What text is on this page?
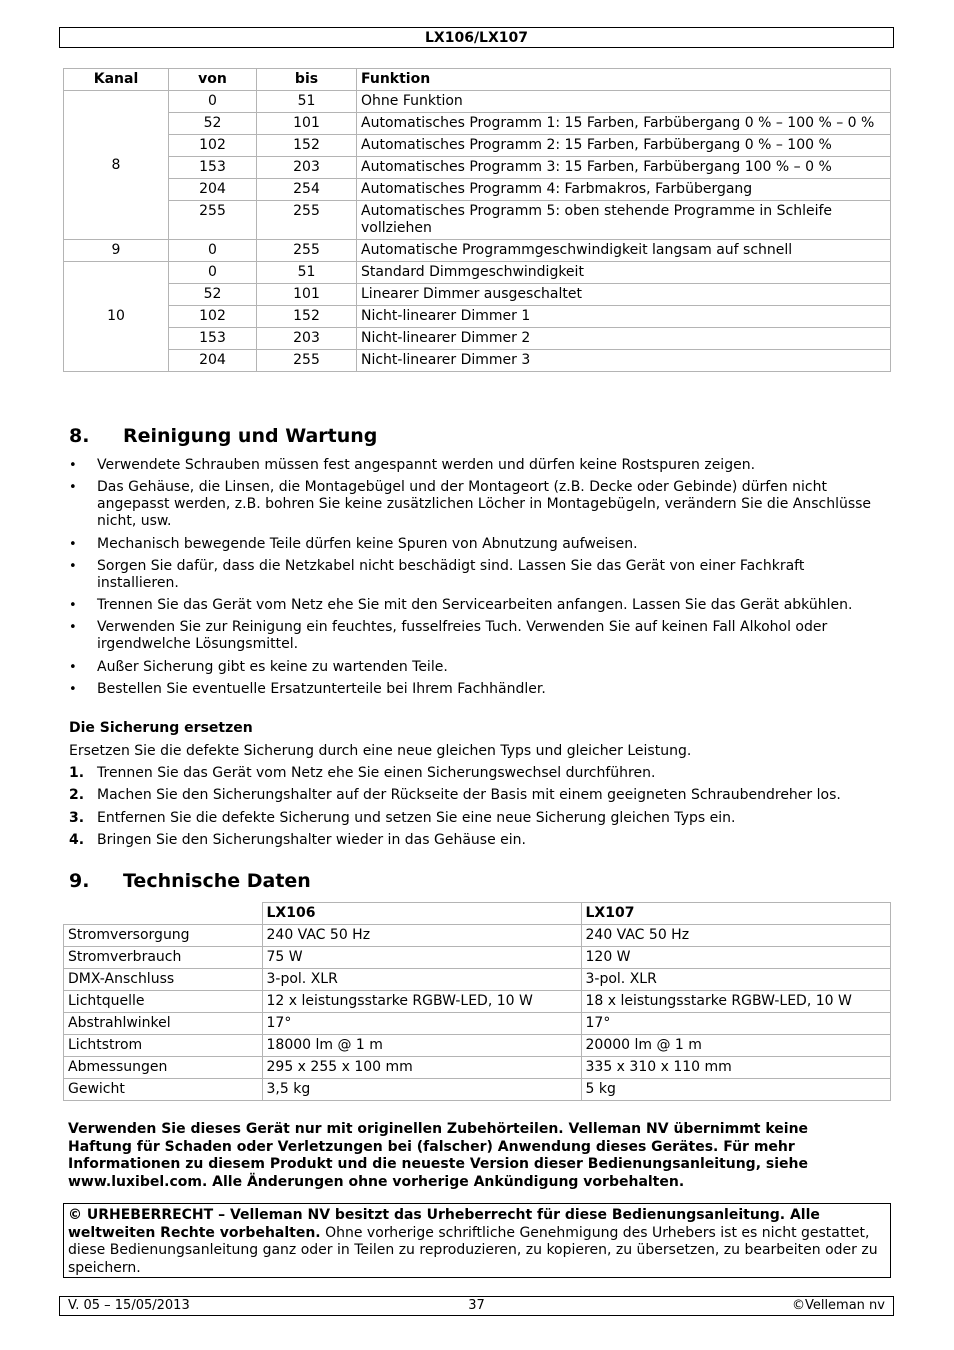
LX106/LX107
Kanal	von	bis	Funktion
8	0	51	Ohne Funktion
	52	101	Automatisches Programm 1: 15 Farben, Farbübergang 0 % – 100 % – 0 %
	102	152	Automatisches Programm 2: 15 Farben, Farbübergang 0 % – 100 %
	153	203	Automatisches Programm 3: 15 Farben, Farbübergang 100 % – 0 %
	204	254	Automatisches Programm 4: Farbmakros, Farbübergang
	255	255	Automatisches Programm 5: oben stehende Programme in Schleife vollziehen
9	0	255	Automatische Programmgeschwindigkeit langsam auf schnell
10	0	51	Standard Dimmgeschwindigkeit
	52	101	Linearer Dimmer ausgeschaltet
	102	152	Nicht-linearer Dimmer 1
	153	203	Nicht-linearer Dimmer 2
	204	255	Nicht-linearer Dimmer 3
8. Reinigung und Wartung
• Verwendete Schrauben müssen fest angespannt werden und dürfen keine Rostspuren zeigen.
• Das Gehäuse, die Linsen, die Montagebügel und der Montageort (z.B. Decke oder Gebinde) dürfen nicht angepasst werden, z.B. bohren Sie keine zusätzlichen Löcher in Montagebügeln, verändern Sie die Anschlüsse nicht, usw.
• Mechanisch bewegende Teile dürfen keine Spuren von Abnutzung aufweisen.
• Sorgen Sie dafür, dass die Netzkabel nicht beschädigt sind. Lassen Sie das Gerät von einer Fachkraft installieren.
• Trennen Sie das Gerät vom Netz ehe Sie mit den Servicearbeiten anfangen. Lassen Sie das Gerät abkühlen.
• Verwenden Sie zur Reinigung ein feuchtes, fusselfreies Tuch. Verwenden Sie auf keinen Fall Alkohol oder irgendwelche Lösungsmittel.
• Außer Sicherung gibt es keine zu wartenden Teile.
• Bestellen Sie eventuelle Ersatzunterteile bei Ihrem Fachhändler.
Die Sicherung ersetzen
Ersetzen Sie die defekte Sicherung durch eine neue gleichen Typs und gleicher Leistung.
1. Trennen Sie das Gerät vom Netz ehe Sie einen Sicherungswechsel durchführen.
2. Machen Sie den Sicherungshalter auf der Rückseite der Basis mit einem geeigneten Schraubendreher los.
3. Entfernen Sie die defekte Sicherung und setzen Sie eine neue Sicherung gleichen Typs ein.
4. Bringen Sie den Sicherungshalter wieder in das Gehäuse ein.
9. Technische Daten
	LX106	LX107
Stromversorgung	240 VAC 50 Hz	240 VAC 50 Hz
Stromverbrauch	75 W	120 W
DMX-Anschluss	3-pol. XLR	3-pol. XLR
Lichtquelle	12 x leistungsstarke RGBW-LED, 10 W	18 x leistungsstarke RGBW-LED, 10 W
Abstrahlwinkel	17°	17°
Lichtstrom	18000 lm @ 1 m	20000 lm @ 1 m
Abmessungen	295 x 255 x 100 mm	335 x 310 x 110 mm
Gewicht	3,5 kg	5 kg
Verwenden Sie dieses Gerät nur mit originellen Zubehörteilen. Velleman NV übernimmt keine Haftung für Schaden oder Verletzungen bei (falscher) Anwendung dieses Gerätes. Für mehr Informationen zu diesem Produkt und die neueste Version dieser Bedienungsanleitung, siehe www.luxibel.com. Alle Änderungen ohne vorherige Ankündigung vorbehalten.
© URHEBERRECHT – Velleman NV besitzt das Urheberrecht für diese Bedienungsanleitung. Alle weltweiten Rechte vorbehalten. Ohne vorherige schriftliche Genehmigung des Urhebers ist es nicht gestattet, diese Bedienungsanleitung ganz oder in Teilen zu reproduzieren, zu kopieren, zu übersetzen, zu bearbeiten oder zu speichern.
V. 05 – 15/05/2013	37	©Velleman nv
